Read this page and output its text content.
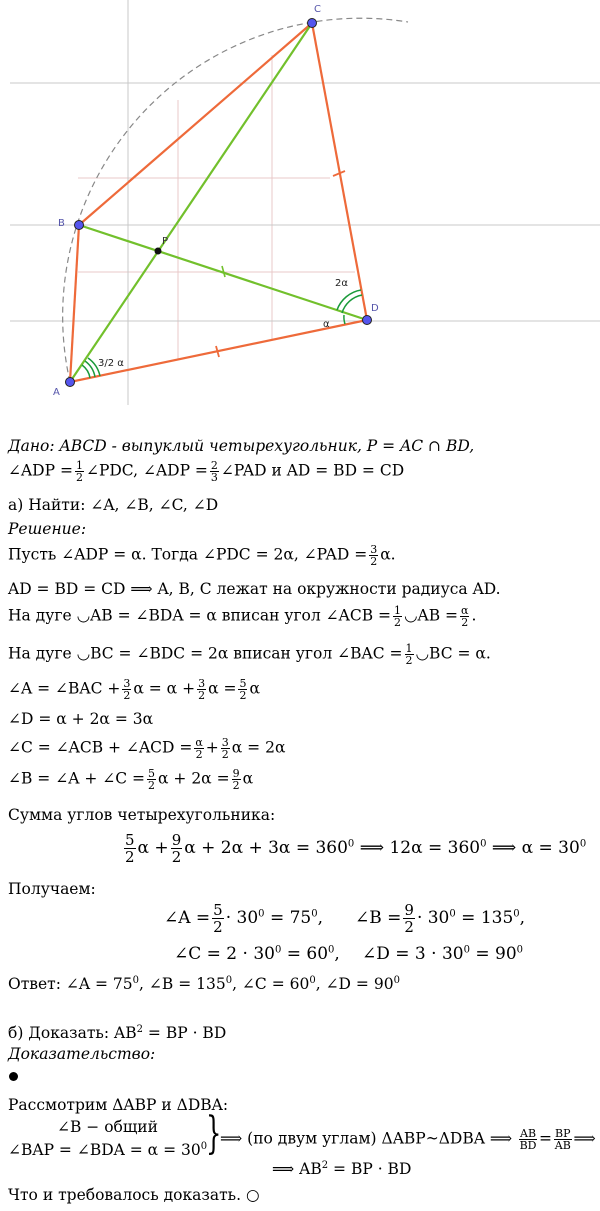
A
B
C
D
P
3/2 α
2α
α
Дано: ABCD - выпуклый четырехугольник, P = AC ∩ BD,
∠ADP = $\frac{1}{2}$ ∠PDC, ∠ADP = $\frac{2}{3}$ ∠PAD и AD = BD = CD
а) Найти: ∠A, ∠B, ∠C, ∠D
Решение:
Пусть ∠ADP = α. Тогда ∠PDC = 2α, ∠PAD = $\frac{3}{2} \alpha$.
AD = BD = CD ⟹ A, B, C лежат на окружности радиуса AD.
На дуге ◡AB = ∠BDA = α вписан угол ∠ACB = $\frac{1}{2}$ ◡AB = $\frac{\alpha}{2}$ .
На дуге ◡BC = ∠BDC = 2α вписан угол ∠BAC = $\frac{1}{2}$ ◡BC = α.
∠A = ∠BAC + $\frac{3}{2}$ $\alpha = \alpha + \frac{3}{2}$ $\alpha = \frac{5}{2}$ α
∠D = α + 2α = 3α
∠C = ∠ACB + ∠ACD = $\frac{\alpha}{2} + \frac{3}{2}$ α = 2α
∠B = ∠A + ∠C = $\frac{5}{2}$ $\alpha + 2\alpha = \frac{9}{2}$ α
Сумма углов четырехугольника:
$\frac{5}{2}$ $\alpha + \frac{9}{2}$ $\alpha + 2\alpha + 3\alpha = 360^0$ ⟹ $12\alpha = 360^0$ ⟹ $\alpha = 30^0$
Получаем:
∠A = $\frac{5}{2} \cdot 30^0 = 75^0$, ∠B = $\frac{9}{2} \cdot 30^0 = 135^0$,
∠C = $2 \cdot 30^0 = 60^0$, ∠D = $3 \cdot 30^0 = 90^0$
Ответ: ∠A = $75^0$, ∠B = $135^0$, ∠C = $60^0$, ∠D = $90^0$
б) Доказать: $AB^2$ = BP · BD
Доказательство:
Рассмотрим ΔABP и ΔDBA:
∠B − общий
∠BAP = ∠BDA = $\alpha = 30^0$
}
⟹ (по двум углам) ΔABP~ΔDBA ⟹ $\frac{AB}{BD} = \frac{BP}{AB}$ ⟹
⟹ $AB^2$ = BP · BD
Что и требовалось доказать. ○
